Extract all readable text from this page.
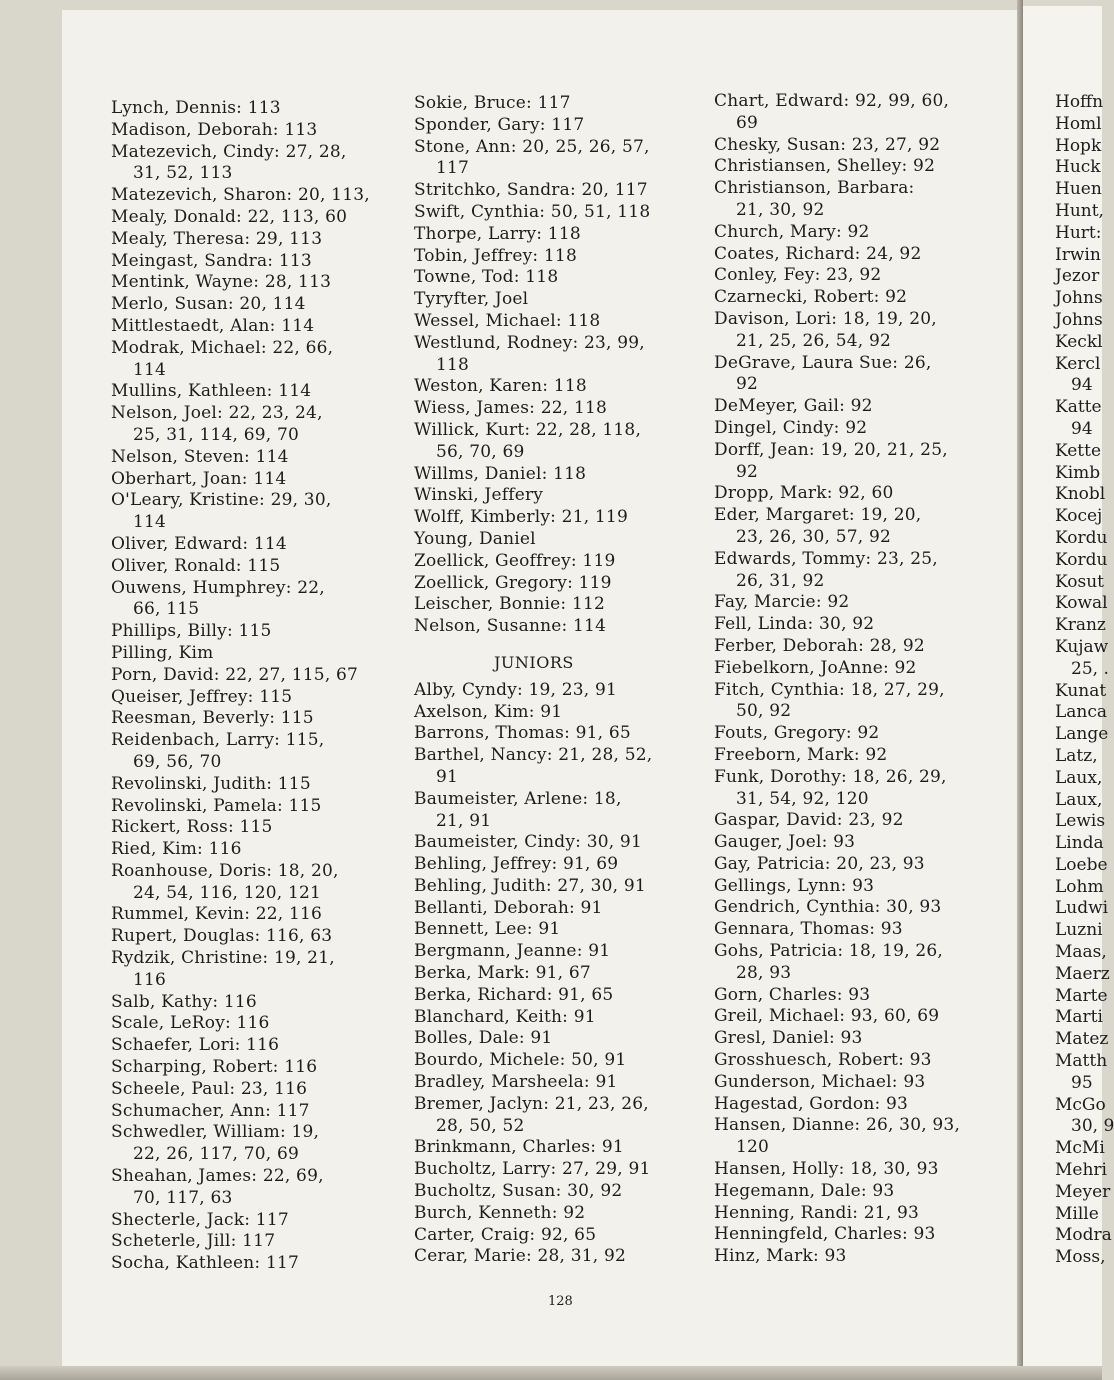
Hoffn
Homl
Hopk
Huck
Huen
Hunt,
Hurt:
Irwin
Jezor
Johns
Johns
Keckl
Kercl
94
Katte
94
Kette
Kimb
Knobl
Kocej
Kordu
Kordu
Kosut
Kowal
Kranz
Kujaw
25, .
Kunat
Lanca
Lange
Latz,
Laux,
Laux,
Lewis
Linda
Loebe
Lohm
Ludwi
Luzni
Maas,
Maerz
Marte
Marti
Matez
Matth
95
McGo
30, 9
McMi
Mehri
Meyer
Mille
Modra
Moss,
Lynch, Dennis: 113
Madison, Deborah: 113
Matezevich, Cindy: 27, 28,
31, 52, 113
Matezevich, Sharon: 20, 113,
Mealy, Donald: 22, 113, 60
Mealy, Theresa: 29, 113
Meingast, Sandra: 113
Mentink, Wayne: 28, 113
Merlo, Susan: 20, 114
Mittlestaedt, Alan: 114
Modrak, Michael: 22, 66,
114
Mullins, Kathleen: 114
Nelson, Joel: 22, 23, 24,
25, 31, 114, 69, 70
Nelson, Steven: 114
Oberhart, Joan: 114
O'Leary, Kristine: 29, 30,
114
Oliver, Edward: 114
Oliver, Ronald: 115
Ouwens, Humphrey: 22,
66, 115
Phillips, Billy: 115
Pilling, Kim
Porn, David: 22, 27, 115, 67
Queiser, Jeffrey: 115
Reesman, Beverly: 115
Reidenbach, Larry: 115,
69, 56, 70
Revolinski, Judith: 115
Revolinski, Pamela: 115
Rickert, Ross: 115
Ried, Kim: 116
Roanhouse, Doris: 18, 20,
24, 54, 116, 120, 121
Rummel, Kevin: 22, 116
Rupert, Douglas: 116, 63
Rydzik, Christine: 19, 21,
116
Salb, Kathy: 116
Scale, LeRoy: 116
Schaefer, Lori: 116
Scharping, Robert: 116
Scheele, Paul: 23, 116
Schumacher, Ann: 117
Schwedler, William: 19,
22, 26, 117, 70, 69
Sheahan, James: 22, 69,
70, 117, 63
Shecterle, Jack: 117
Scheterle, Jill: 117
Socha, Kathleen: 117
Sokie, Bruce: 117
Sponder, Gary: 117
Stone, Ann: 20, 25, 26, 57,
117
Stritchko, Sandra: 20, 117
Swift, Cynthia: 50, 51, 118
Thorpe, Larry: 118
Tobin, Jeffrey: 118
Towne, Tod: 118
Tyryfter, Joel
Wessel, Michael: 118
Westlund, Rodney: 23, 99,
118
Weston, Karen: 118
Wiess, James: 22, 118
Willick, Kurt: 22, 28, 118,
56, 70, 69
Willms, Daniel: 118
Winski, Jeffery
Wolff, Kimberly: 21, 119
Young, Daniel
Zoellick, Geoffrey: 119
Zoellick, Gregory: 119
Leischer, Bonnie: 112
Nelson, Susanne: 114
JUNIORS
Alby, Cyndy: 19, 23, 91
Axelson, Kim: 91
Barrons, Thomas: 91, 65
Barthel, Nancy: 21, 28, 52,
91
Baumeister, Arlene: 18,
21, 91
Baumeister, Cindy: 30, 91
Behling, Jeffrey: 91, 69
Behling, Judith: 27, 30, 91
Bellanti, Deborah: 91
Bennett, Lee: 91
Bergmann, Jeanne: 91
Berka, Mark: 91, 67
Berka, Richard: 91, 65
Blanchard, Keith: 91
Bolles, Dale: 91
Bourdo, Michele: 50, 91
Bradley, Marsheela: 91
Bremer, Jaclyn: 21, 23, 26,
28, 50, 52
Brinkmann, Charles: 91
Bucholtz, Larry: 27, 29, 91
Bucholtz, Susan: 30, 92
Burch, Kenneth: 92
Carter, Craig: 92, 65
Cerar, Marie: 28, 31, 92
Chart, Edward: 92, 99, 60,
69
Chesky, Susan: 23, 27, 92
Christiansen, Shelley: 92
Christianson, Barbara:
21, 30, 92
Church, Mary: 92
Coates, Richard: 24, 92
Conley, Fey: 23, 92
Czarnecki, Robert: 92
Davison, Lori: 18, 19, 20,
21, 25, 26, 54, 92
DeGrave, Laura Sue: 26,
92
DeMeyer, Gail: 92
Dingel, Cindy: 92
Dorff, Jean: 19, 20, 21, 25,
92
Dropp, Mark: 92, 60
Eder, Margaret: 19, 20,
23, 26, 30, 57, 92
Edwards, Tommy: 23, 25,
26, 31, 92
Fay, Marcie: 92
Fell, Linda: 30, 92
Ferber, Deborah: 28, 92
Fiebelkorn, JoAnne: 92
Fitch, Cynthia: 18, 27, 29,
50, 92
Fouts, Gregory: 92
Freeborn, Mark: 92
Funk, Dorothy: 18, 26, 29,
31, 54, 92, 120
Gaspar, David: 23, 92
Gauger, Joel: 93
Gay, Patricia: 20, 23, 93
Gellings, Lynn: 93
Gendrich, Cynthia: 30, 93
Gennara, Thomas: 93
Gohs, Patricia: 18, 19, 26,
28, 93
Gorn, Charles: 93
Greil, Michael: 93, 60, 69
Gresl, Daniel: 93
Grosshuesch, Robert: 93
Gunderson, Michael: 93
Hagestad, Gordon: 93
Hansen, Dianne: 26, 30, 93,
120
Hansen, Holly: 18, 30, 93
Hegemann, Dale: 93
Henning, Randi: 21, 93
Henningfeld, Charles: 93
Hinz, Mark: 93
128
